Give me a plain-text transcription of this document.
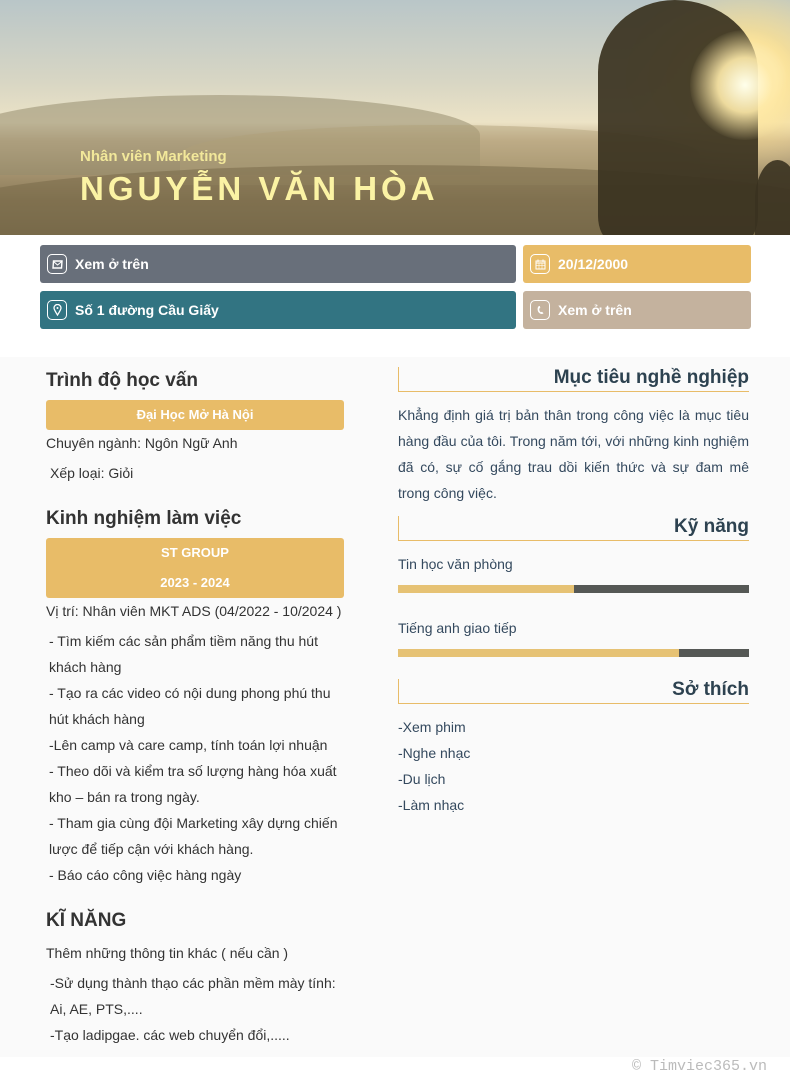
Nhân viên Marketing
NGUYỄN VĂN HÒA
Xem ở trên	20/12/2000
Số 1 đường Cầu Giấy	Xem ở trên
Trình độ học vấn
Đại Học Mở Hà Nội
Chuyên ngành: Ngôn Ngữ Anh
Xếp loại: Giỏi
Kinh nghiệm làm việc
ST GROUP
2023 - 2024
Vị trí: Nhân viên MKT ADS (04/2022 - 10/2024 )
- Tìm kiếm các sản phẩm tiềm năng thu hút khách hàng
- Tạo ra các video có nội dung phong phú thu hút khách hàng
-Lên camp và care camp, tính toán lợi nhuận
- Theo dõi và kiểm tra số lượng hàng hóa xuất kho – bán ra trong ngày.
- Tham gia cùng đội Marketing xây dựng chiến lược để tiếp cận với khách hàng.
- Báo cáo công việc hàng ngày
KĨ NĂNG
Thêm những thông tin khác ( nếu cần )
-Sử dụng thành thạo các phần mềm mày tính: Ai, AE, PTS,....
-Tạo ladipgae. các web chuyển đổi,.....
Mục tiêu nghề nghiệp
Khẳng định giá trị bản thân trong công việc là mục tiêu hàng đầu của tôi. Trong năm tới, với những kinh nghiệm đã có, sự cố gắng trau dồi kiến thức và sự đam mê trong công việc.
Kỹ năng
Tin học văn phòng
Tiếng anh giao tiếp
Sở thích
-Xem phim
-Nghe nhạc
-Du lịch
-Làm nhạc
© Timviec365.vn
